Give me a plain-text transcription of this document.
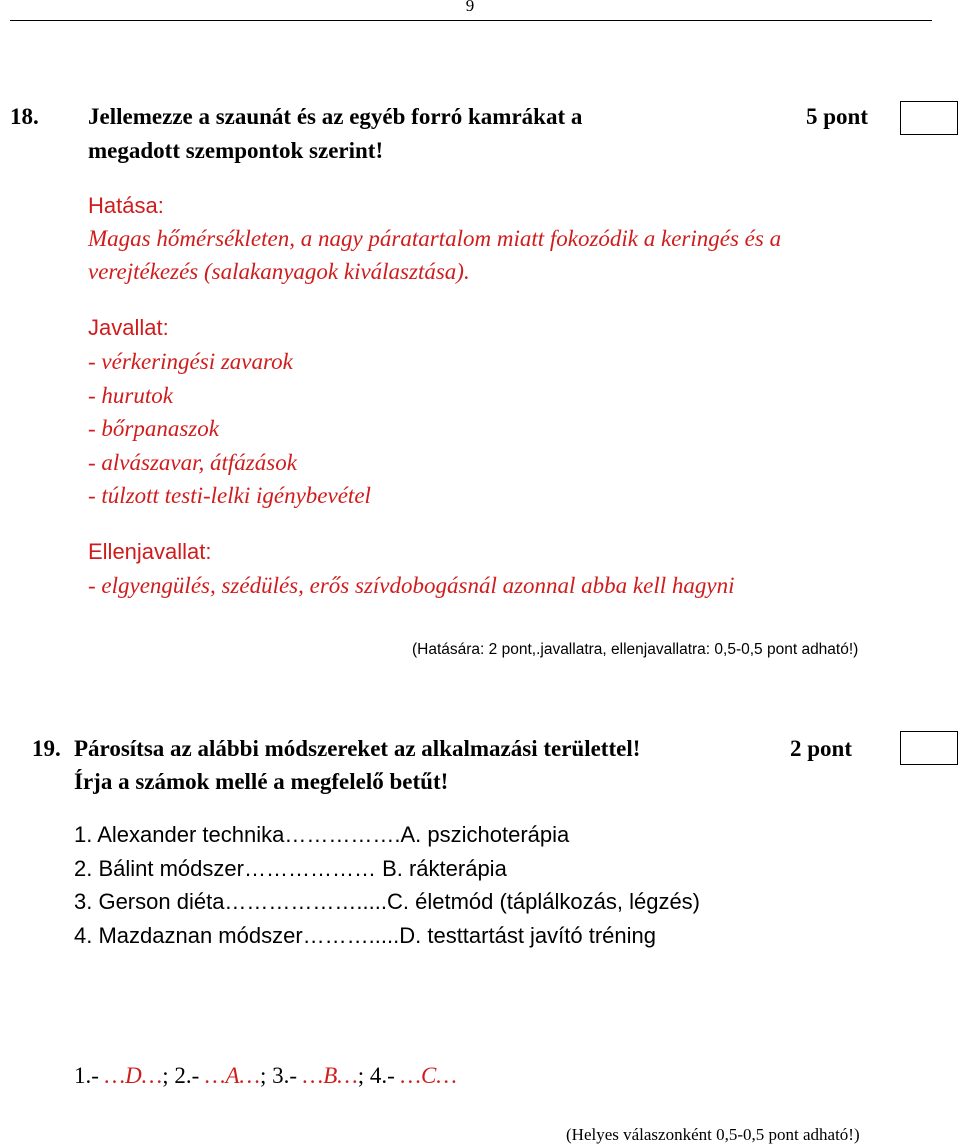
9
18. Jellemezze a szaunát és az egyéb forró kamrákat a
megadott szempontok szerint!
5 pont
Hatása:
Magas hőmérsékleten, a nagy páratartalom miatt fokozódik a keringés és a
verejtékezés (salakanyagok kiválasztása).
Javallat:
- vérkeringési zavarok
- hurutok
- bőrpanaszok
- alvászavar, átfázások
- túlzott testi-lelki igénybevétel
Ellenjavallat:
- elgyengülés, szédülés, erős szívdobogásnál azonnal abba kell hagyni
(Hatására: 2 pont,.javallatra, ellenjavallatra: 0,5-0,5 pont adható!)
19. Párosítsa az alábbi módszereket az alkalmazási területtel!
Írja a számok mellé a megfelelő betűt!
2 pont
1. Alexander technika…………….A. pszichoterápia
2. Bálint módszer……………… B. rákterápia
3. Gerson diéta……………….....C. életmód (táplálkozás, légzés)
4. Mazdaznan módszer……….....D. testtartást javító tréning
1.- …D…; 2.- …A…; 3.- …B…; 4.- …C…
(Helyes válaszonként 0,5-0,5 pont adható!)
